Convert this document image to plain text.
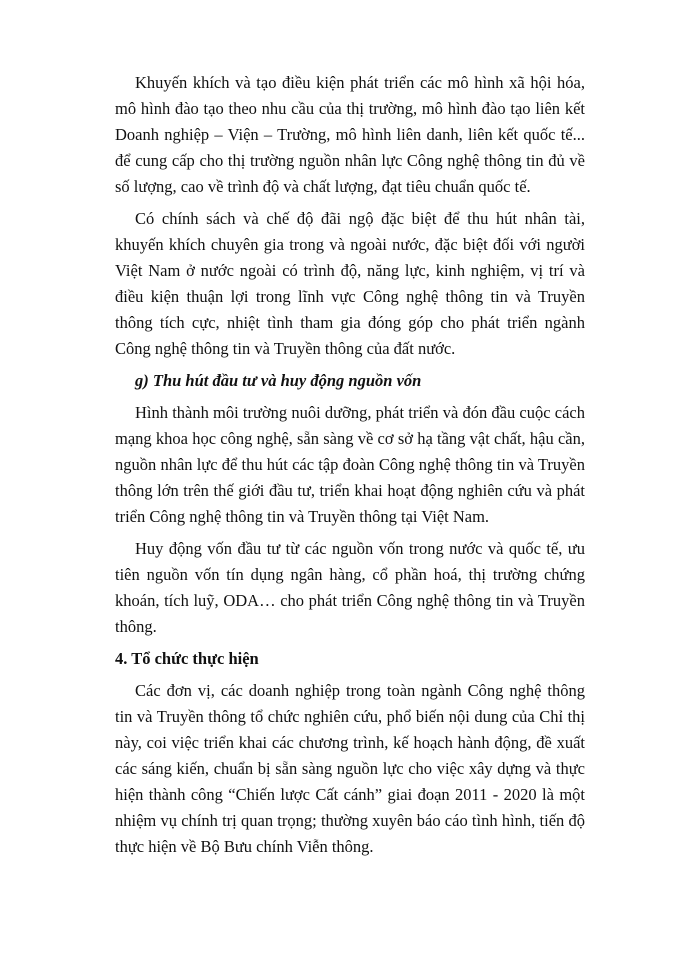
Khuyến khích và tạo điều kiện phát triển các mô hình xã hội hóa, mô hình đào tạo theo nhu cầu của thị trường, mô hình đào tạo liên kết Doanh nghiệp – Viện – Trường, mô hình liên danh, liên kết quốc tế... để cung cấp cho thị trường nguồn nhân lực Công nghệ thông tin đủ về số lượng, cao về trình độ và chất lượng, đạt tiêu chuẩn quốc tế.

Có chính sách và chế độ đãi ngộ đặc biệt để thu hút nhân tài, khuyến khích chuyên gia trong và ngoài nước, đặc biệt đối với người Việt Nam ở nước ngoài có trình độ, năng lực, kinh nghiệm, vị trí và điều kiện thuận lợi trong lĩnh vực Công nghệ thông tin và Truyền thông tích cực, nhiệt tình tham gia đóng góp cho phát triển ngành Công nghệ thông tin và Truyền thông của đất nước.

g) Thu hút đầu tư và huy động nguồn vốn

Hình thành môi trường nuôi dưỡng, phát triển và đón đầu cuộc cách mạng khoa học công nghệ, sẵn sàng về cơ sở hạ tầng vật chất, hậu cần, nguồn nhân lực để thu hút các tập đoàn Công nghệ thông tin và Truyền thông lớn trên thế giới đầu tư, triển khai hoạt động nghiên cứu và phát triển Công nghệ thông tin và Truyền thông tại Việt Nam.

Huy động vốn đầu tư từ các nguồn vốn trong nước và quốc tế, ưu tiên nguồn vốn tín dụng ngân hàng, cổ phần hoá, thị trường chứng khoán, tích luỹ, ODA… cho phát triển Công nghệ thông tin và Truyền thông.

4. Tổ chức thực hiện

Các đơn vị, các doanh nghiệp trong toàn ngành Công nghệ thông tin và Truyền thông tổ chức nghiên cứu, phổ biến nội dung của Chỉ thị này, coi việc triển khai các chương trình, kế hoạch hành động, đề xuất các sáng kiến, chuẩn bị sẵn sàng nguồn lực cho việc xây dựng và thực hiện thành công “Chiến lược Cất cánh” giai đoạn 2011 - 2020 là một nhiệm vụ chính trị quan trọng; thường xuyên báo cáo tình hình, tiến độ thực hiện về Bộ Bưu chính Viễn thông.
